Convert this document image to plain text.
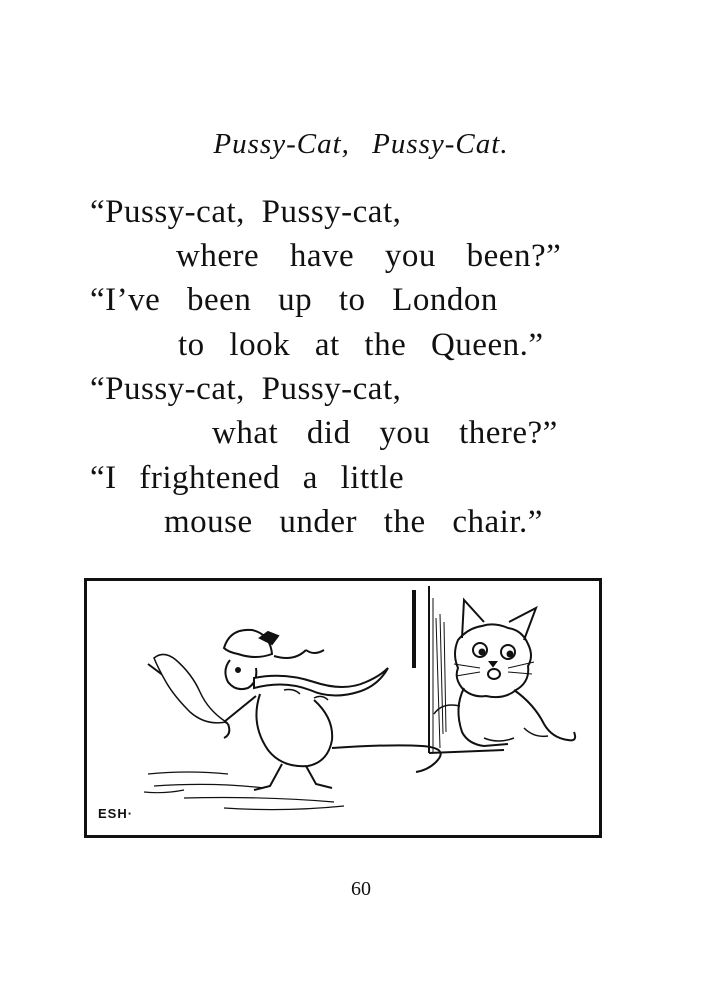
Pussy-Cat, Pussy-Cat.
“Pussy-cat, Pussy-cat,
where have you been?”
“I’ve been up to London
to look at the Queen.”
“Pussy-cat, Pussy-cat,
what did you there?”
“I frightened a little
mouse under the chair.”
ESH·
60
